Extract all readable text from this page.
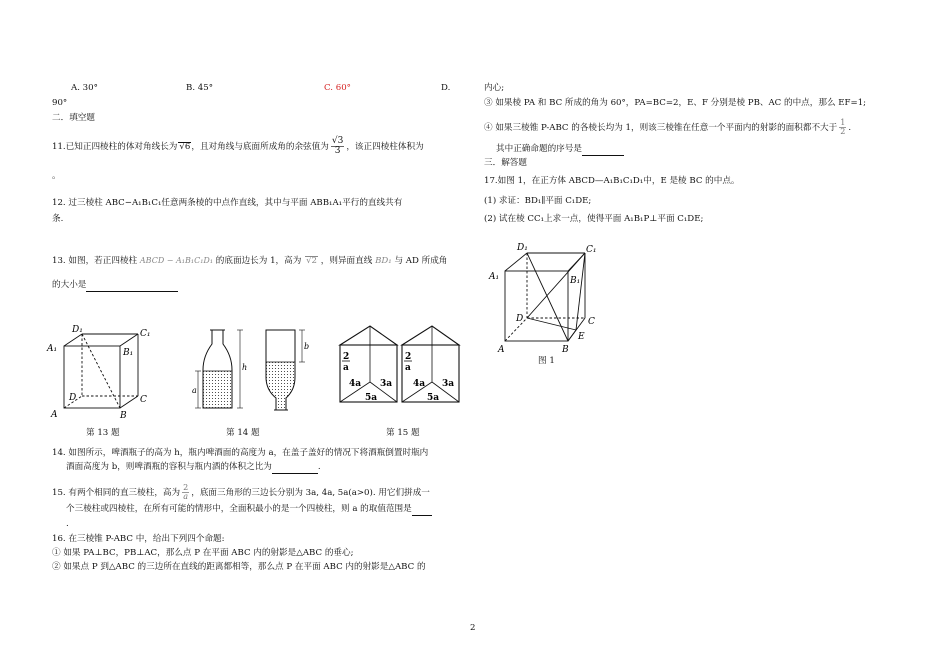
A. 30°	B. 45°	C. 60°	D.
90°
二．填空题
11.已知正四棱柱的体对角线长为 √6，且对角线与底面所成角的余弦值为 $\frac{√3}{3}$ ，该正四棱柱体积为
。
12. 过三棱柱 ABC−A₁B₁C₁任意两条棱的中点作直线，其中与平面 ABB₁A₁平行的直线共有
条.
13. 如图，若正四棱柱 ABCD − A₁B₁C₁D₁ 的底面边长为 1，高为 √2 ，则异面直线 BD₁ 与 AD 所成角
的大小是
D₁	C₁
A₁	B₁
D	C
A	B
h
a
b
2
a
2
a
4a 3a
5a
4a 3a
5a
第 13 题	第 14 题	第 15 题
14. 如图所示，啤酒瓶子的高为 h，瓶内啤酒面的高度为 a，在盖子盖好的情况下将酒瓶倒置时瓶内
酒面高度为 b，则啤酒瓶的容积与瓶内酒的体积之比为	.
15. 有两个相同的直三棱柱，高为 $\frac{2}{a}$ ，底面三角形的三边长分别为 3a, 4a, 5a(a>0). 用它们拼成一
个三棱柱或四棱柱，在所有可能的情形中，全面积最小的是一个四棱柱，则 a 的取值范围是
.
16. 在三棱锥 P-ABC 中，给出下列四个命题:
① 如果 PA⊥BC，PB⊥AC，那么点 P 在平面 ABC 内的射影是△ABC 的垂心;
② 如果点 P 到△ABC 的三边所在直线的距离都相等，那么点 P 在平面 ABC 内的射影是△ABC 的
2
内心;
③ 如果棱 PA 和 BC 所成的角为 60°，PA=BC=2，E、F 分别是棱 PB、AC 的中点，那么 EF=1;
④ 如果三棱锥 P-ABC 的各棱长均为 1，则该三棱锥在任意一个平面内的射影的面积都不大于 $\frac{1}{2}$ .
其中正确命题的序号是
三．解答题
17.如图 1，在正方体 ABCD—A₁B₁C₁D₁中，E 是棱 BC 的中点。
(1) 求证：BD₁∥平面 C₁DE;
(2) 试在棱 CC₁上求一点，使得平面 A₁B₁P⊥平面 C₁DE;
D₁	C₁
A₁	B₁
D	C
A	B
E
图 1
